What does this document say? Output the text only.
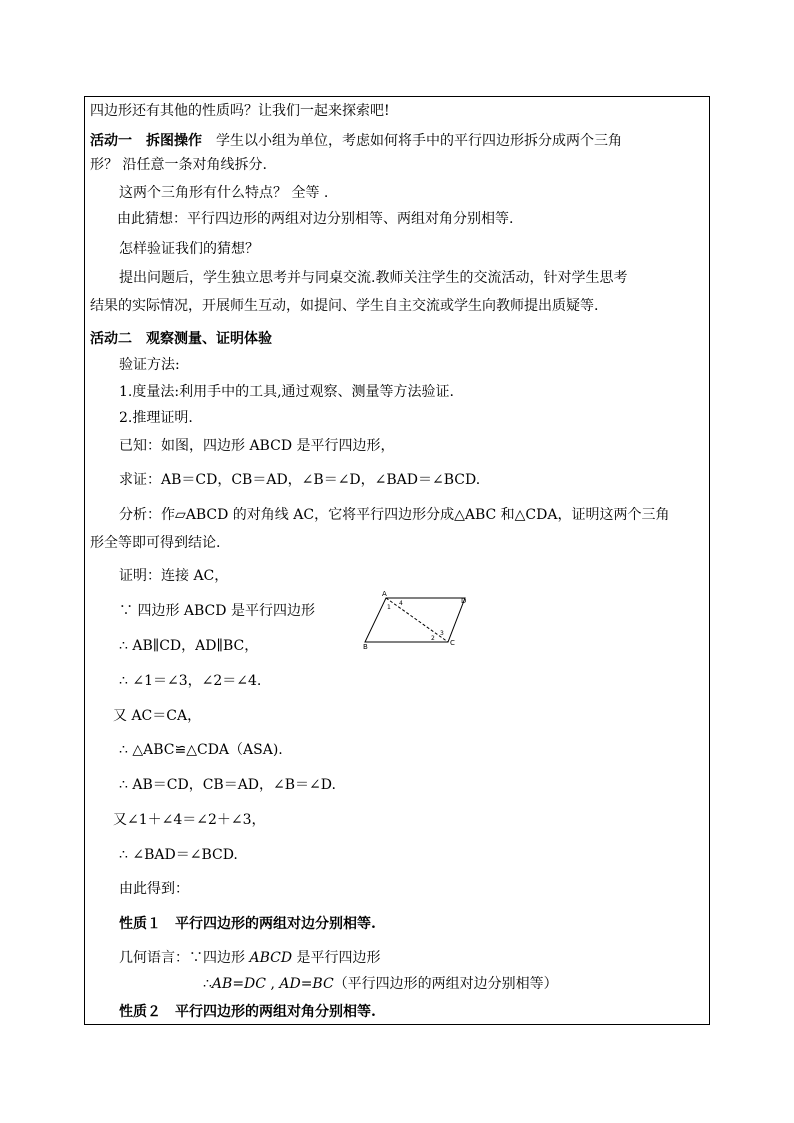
四边形还有其他的性质吗？让我们一起来探索吧!
活动一　拆图操作　学生以小组为单位，考虑如何将手中的平行四边形拆分成两个三角
形？ 沿任意一条对角线拆分.
这两个三角形有什么特点？ 全等 .
由此猜想：平行四边形的两组对边分别相等、两组对角分别相等.
怎样验证我们的猜想？
提出问题后，学生独立思考并与同桌交流.教师关注学生的交流活动，针对学生思考
结果的实际情况，开展师生互动，如提问、学生自主交流或学生向教师提出质疑等.
活动二　观察测量、证明体验
验证方法:
1.度量法:利用手中的工具,通过观察、测量等方法验证.
2.推理证明.
已知：如图，四边形 ABCD 是平行四边形，
求证：AB＝CD，CB＝AD，∠B＝∠D，∠BAD＝∠BCD.
分析：作▱ABCD 的对角线 AC，它将平行四边形分成△ABC 和△CDA，证明这两个三角
形全等即可得到结论.
证明：连接 AC，
∵ 四边形 ABCD 是平行四边形
∴ AB∥CD，AD∥BC，
∴ ∠1＝∠3，∠2＝∠4.
又 AC＝CA，
∴ △ABC≌△CDA（ASA).
∴ AB＝CD，CB＝AD，∠B＝∠D.
又∠1＋∠4＝∠2＋∠3，
∴ ∠BAD＝∠BCD.
由此得到：
性质１　平行四边形的两组对边分别相等.
几何语言：∵四边形 ABCD 是平行四边形
∴AB=DC , AD=BC（平行四边形的两组对边分别相等）
性质２　平行四边形的两组对角分别相等.
A
D
B	C
1
4
3
2
